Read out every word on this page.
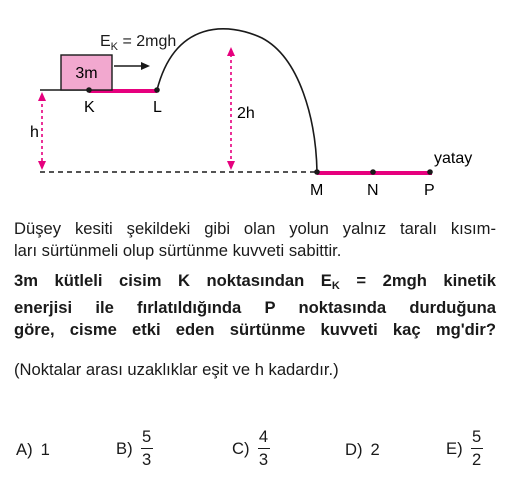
3m
$E_K = 2mgh$
K	L
M	N	P
yatay
h
2h
Düşey kesiti şekildeki gibi olan yolun yalnız taralı kısım-
ları sürtünmeli olup sürtünme kuvveti sabittir.
3m kütleli cisim K noktasından $E_K = 2mgh$ kinetik
enerjisi ile fırlatıldığında P noktasında durduğuna
göre, cisme etki eden sürtünme kuvveti kaç mg'dir?
(Noktalar arası uzaklıklar eşit ve h kadardır.)
A) 1	$B) \frac{5}{3}$	$C) \frac{4}{3}$	D) 2	$E) \frac{5}{2}$
